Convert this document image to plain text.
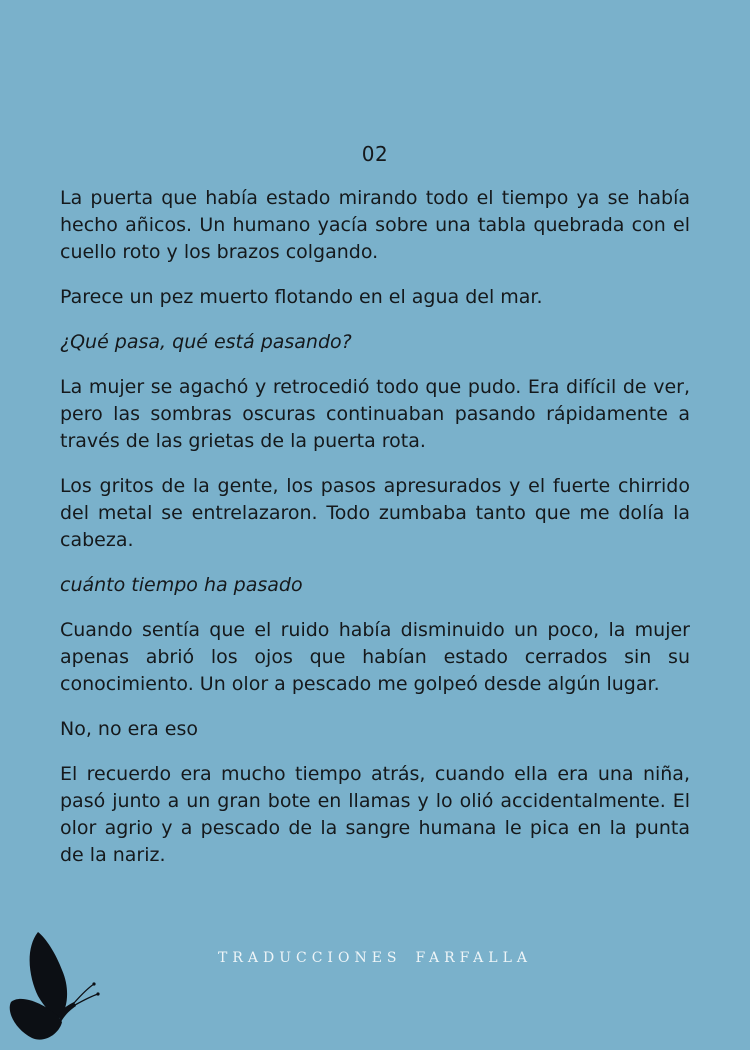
02

La puerta que había estado mirando todo el tiempo ya se había hecho añicos. Un humano yacía sobre una tabla quebrada con el cuello roto y los brazos colgando.

Parece un pez muerto flotando en el agua del mar.

¿Qué pasa, qué está pasando?

La mujer se agachó y retrocedió todo que pudo. Era difícil de ver, pero las sombras oscuras continuaban pasando rápidamente a través de las grietas de la puerta rota.

Los gritos de la gente, los pasos apresurados y el fuerte chirrido del metal se entrelazaron. Todo zumbaba tanto que me dolía la cabeza.

cuánto tiempo ha pasado

Cuando sentía que el ruido había disminuido un poco, la mujer apenas abrió los ojos que habían estado cerrados sin su conocimiento. Un olor a pescado me golpeó desde algún lugar.

No, no era eso

El recuerdo era mucho tiempo atrás, cuando ella era una niña, pasó junto a un gran bote en llamas y lo olió accidentalmente. El olor agrio y a pescado de la sangre humana le pica en la punta de la nariz.

TRADUCCIONES FARFALLA
